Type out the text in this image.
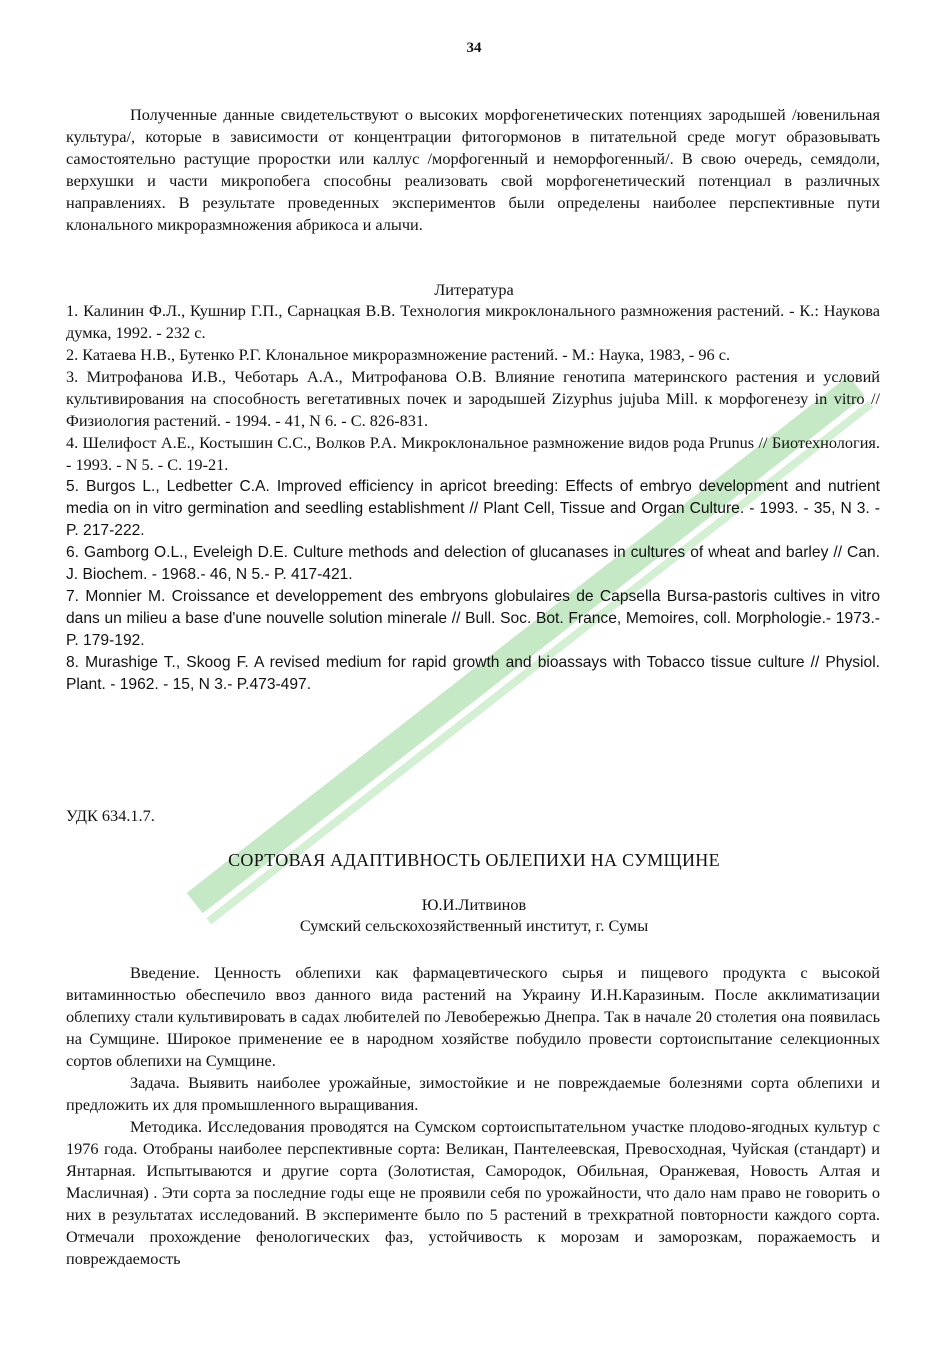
34

Полученные данные свидетельствуют о высоких морфогенетических потенциях зародышей /ювенильная культура/, которые в зависимости от концентрации фитогормонов в питательной среде могут образовывать самостоятельно растущие проростки или каллус /морфогенный и неморфогенный/. В свою очередь, семядоли, верхушки и части микропобега способны реализовать свой морфогенетический потенциал в различных направлениях. В результате проведенных экспериментов были определены наиболее перспективные пути клонального микроразмножения абрикоса и алычи.

Литература

1. Калинин Ф.Л., Кушнир Г.П., Сарнацкая В.В. Технология микроклонального размножения растений. - К.: Наукова думка, 1992. - 232 с.

2. Катаева Н.В., Бутенко Р.Г. Клональное микроразмножение растений. - М.: Наука, 1983, - 96 с.

3. Митрофанова И.В., Чеботарь А.А., Митрофанова О.В. Влияние генотипа материнского растения и условий культивирования на способность вегетативных почек и зародышей Zizyphus jujuba Mill. к морфогенезу in vitro // Физиология растений. - 1994. - 41, N 6. - С. 826-831.

4. Шелифост А.Е., Костышин С.С., Волков Р.А. Микроклональное размножение видов рода Prunus // Биотехнология. - 1993. - N 5. - С. 19-21.

5. Burgos L., Ledbetter C.A. Improved efficiency in apricot breeding: Effects of embryo development and nutrient media on in vitro germination and seedling establishment // Plant Cell, Tissue and Organ Culture. - 1993. - 35, N 3. - P. 217-222.

6. Gamborg O.L., Eveleigh D.E. Culture methods and delection of glucanases in cultures of wheat and barley // Can. J. Biochem. - 1968.- 46, N 5.- P. 417-421.

7. Monnier M. Croissance et developpement des embryons globulaires de Capsella Bursa-pastoris cultives in vitro dans un milieu a base d'une nouvelle solution minerale // Bull. Soc. Bot. France, Memoires, coll. Morphologie.- 1973.- P. 179-192.

8. Murashige T., Skoog F. A revised medium for rapid growth and bioassays with Tobacco tissue culture // Physiol. Plant. - 1962. - 15, N 3.- P.473-497.

УДК 634.1.7.
СОРТОВАЯ АДАПТИВНОСТЬ ОБЛЕПИХИ НА СУМЩИНЕ
Ю.И.Литвинов
Сумский сельскохозяйственный институт, г. Сумы

Введение. Ценность облепихи как фармацевтического сырья и пищевого продукта с высокой витаминностью обеспечило ввоз данного вида растений на Украину И.Н.Каразиным. После акклиматизации облепиху стали культивировать в садах любителей по Левобережью Днепра. Так в начале 20 столетия она появилась на Сумщине. Широкое применение ее в народном хозяйстве побудило провести сортоиспытание селекционных сортов облепихи на Сумщине.

Задача. Выявить наиболее урожайные, зимостойкие и не повреждаемые болезнями сорта облепихи и предложить их для промышленного выращивания.

Методика. Исследования проводятся на Сумском сортоиспытательном участке плодово-ягодных культур с 1976 года. Отобраны наиболее перспективные сорта: Великан, Пантелеевская, Превосходная, Чуйская (стандарт) и Янтарная. Испытываются и другие сорта (Золотистая, Самородок, Обильная, Оранжевая, Новость Алтая и Масличная) . Эти сорта за последние годы еще не проявили себя по урожайности, что дало нам право не говорить о них в результатах исследований. В эксперименте было по 5 растений в трехкратной повторности каждого сорта. Отмечали прохождение фенологических фаз, устойчивость к морозам и заморозкам, поражаемость и повреждаемость
